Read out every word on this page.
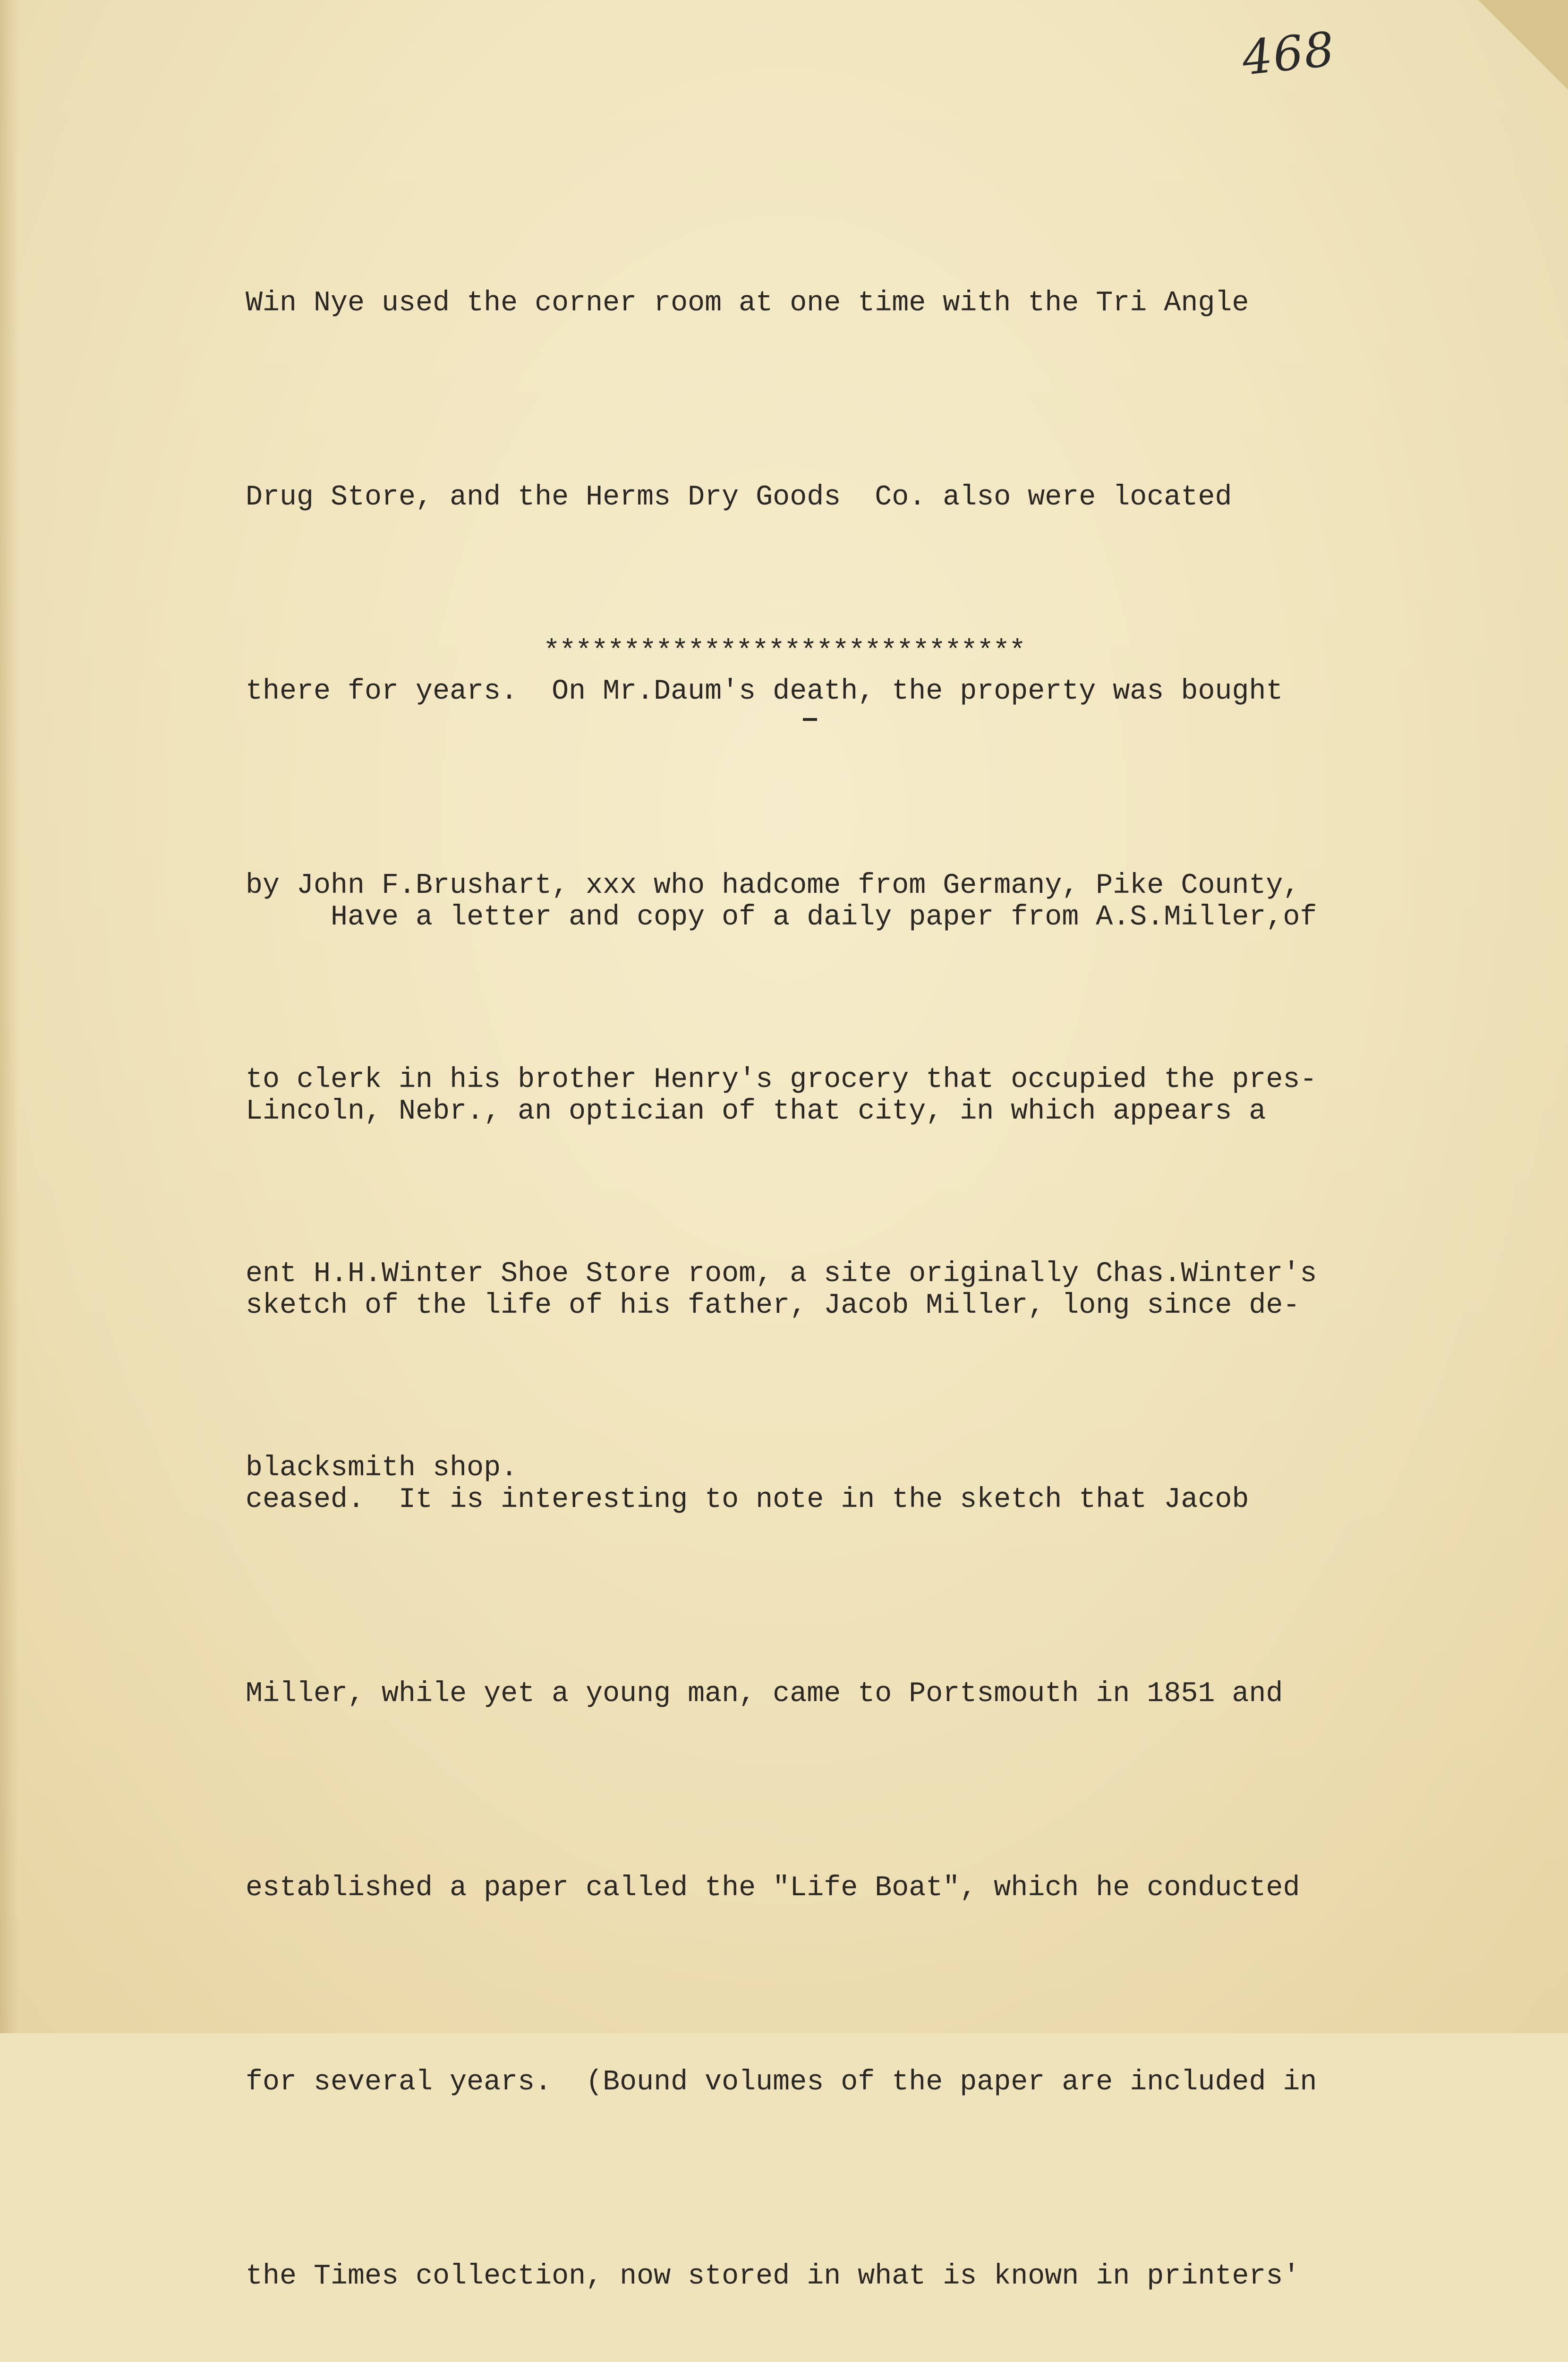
468

Win Nye used the corner room at one time with the Tri Angle

Drug Store, and the Herms Dry Goods  Co. also were located

there for years.  On Mr.Daum's death, the property was bought

by John F.Brushart, xxx who hadcome from Germany, Pike County,

to clerk in his brother Henry's grocery that occupied the pres-

ent H.H.Winter Shoe Store room, a site originally Chas.Winter's

blacksmith shop.

******************************

Have a letter and copy of a daily paper from A.S.Miller,of

Lincoln, Nebr., an optician of that city, in which appears a

sketch of the life of his father, Jacob Miller, long since de-

ceased.  It is interesting to note in the sketch that Jacob

Miller, while yet a young man, came to Portsmouth in 1851 and

established a paper called the "Life Boat", which he conducted

for several years.  (Bound volumes of the paper are included in

the Times collection, now stored in what is known in printers'
